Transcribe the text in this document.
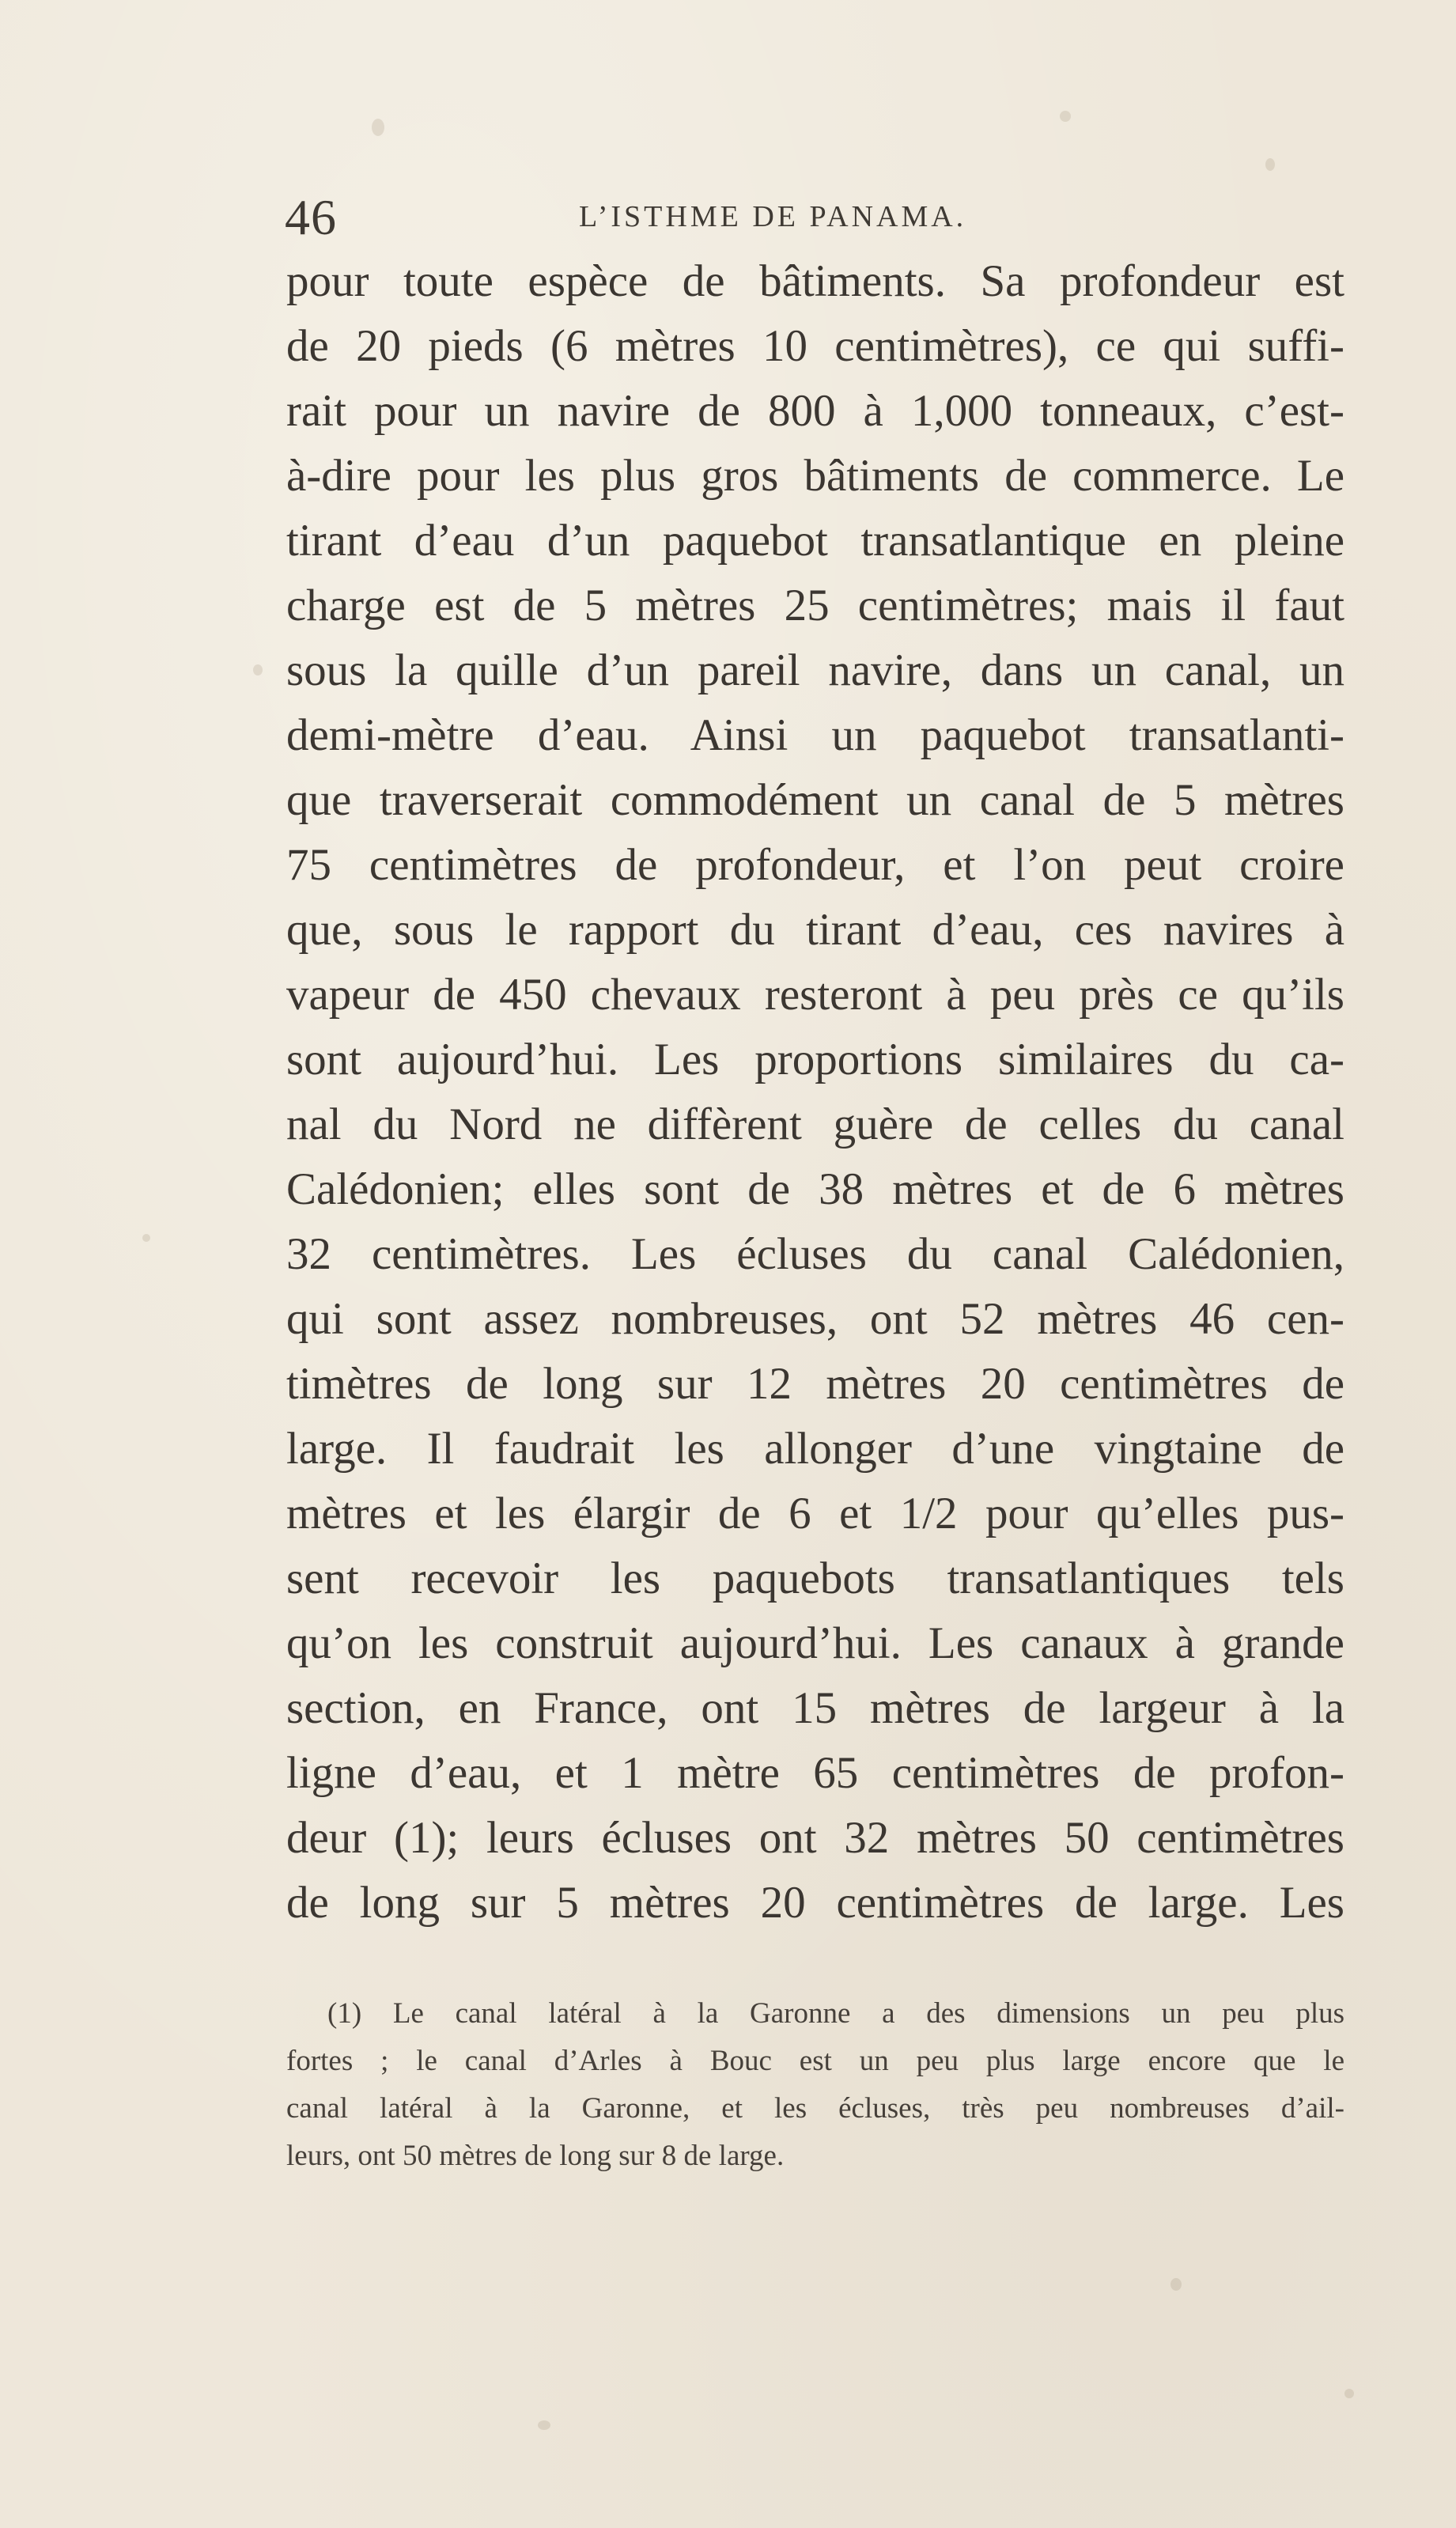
46	L’ISTHME DE PANAMA.
pour toute espèce de bâtiments. Sa profondeur est
de 20 pieds (6 mètres 10 centimètres), ce qui suffi-
rait pour un navire de 800 à 1,000 tonneaux, c’est-
à-dire pour les plus gros bâtiments de commerce. Le
tirant d’eau d’un paquebot transatlantique en pleine
charge est de 5 mètres 25 centimètres; mais il faut
sous la quille d’un pareil navire, dans un canal, un
demi-mètre d’eau. Ainsi un paquebot transatlanti-
que traverserait commodément un canal de 5 mètres
75 centimètres de profondeur, et l’on peut croire
que, sous le rapport du tirant d’eau, ces navires à
vapeur de 450 chevaux resteront à peu près ce qu’ils
sont aujourd’hui. Les proportions similaires du ca-
nal du Nord ne diffèrent guère de celles du canal
Calédonien; elles sont de 38 mètres et de 6 mètres
32 centimètres. Les écluses du canal Calédonien,
qui sont assez nombreuses, ont 52 mètres 46 cen-
timètres de long sur 12 mètres 20 centimètres de
large. Il faudrait les allonger d’une vingtaine de
mètres et les élargir de 6 et 1/2 pour qu’elles pus-
sent recevoir les paquebots transatlantiques tels
qu’on les construit aujourd’hui. Les canaux à grande
section, en France, ont 15 mètres de largeur à la
ligne d’eau, et 1 mètre 65 centimètres de profon-
deur (1); leurs écluses ont 32 mètres 50 centimètres
de long sur 5 mètres 20 centimètres de large. Les
(1) Le canal latéral à la Garonne a des dimensions un peu plus
fortes ; le canal d’Arles à Bouc est un peu plus large encore que le
canal latéral à la Garonne, et les écluses, très peu nombreuses d’ail-
leurs, ont 50 mètres de long sur 8 de large.
